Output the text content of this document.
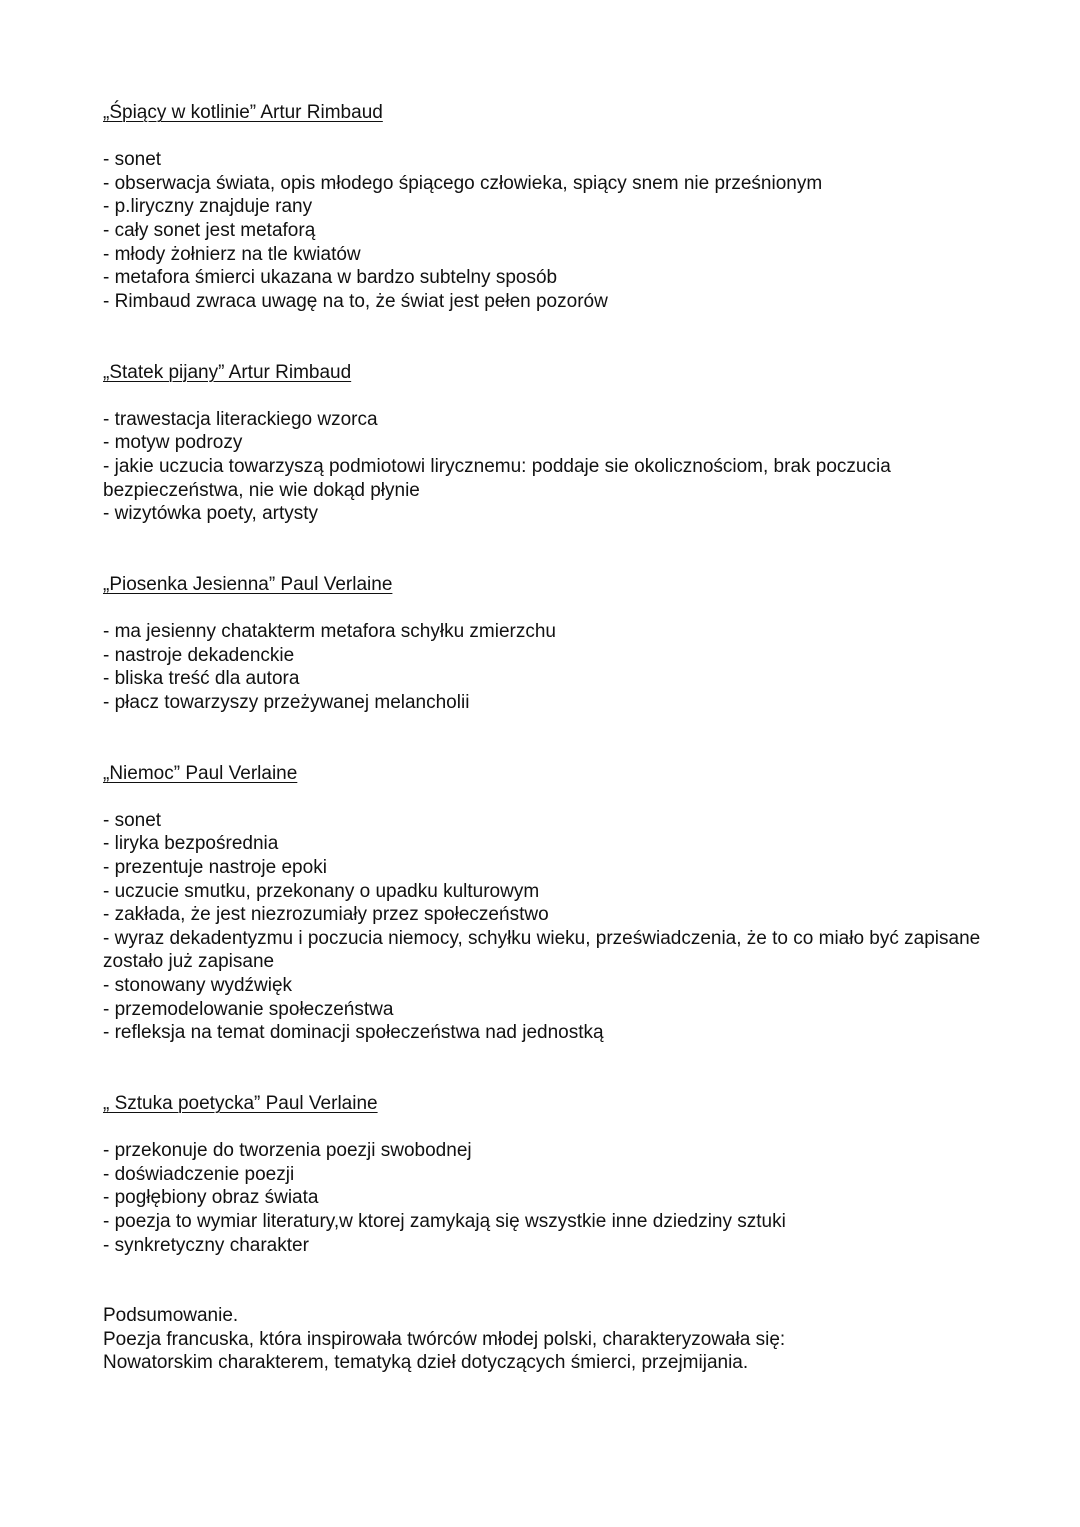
„Śpiący w kotlinie” Artur Rimbaud
- sonet
- obserwacja świata, opis młodego śpiącego człowieka, spiący snem nie prześnionym
- p.liryczny znajduje rany
- cały sonet jest metaforą
- młody żołnierz na tle kwiatów
- metafora śmierci ukazana w bardzo subtelny sposób
- Rimbaud zwraca uwagę na to, że świat jest pełen pozorów
„Statek pijany” Artur Rimbaud
- trawestacja literackiego wzorca
- motyw podrozy
- jakie uczucia towarzyszą podmiotowi lirycznemu: poddaje sie okolicznościom, brak poczucia bezpieczeństwa, nie wie dokąd płynie
- wizytówka poety, artysty
„Piosenka Jesienna” Paul Verlaine
- ma jesienny chatakterm metafora schyłku zmierzchu
- nastroje dekadenckie
- bliska treść dla autora
- płacz towarzyszy przeżywanej melancholii
„Niemoc” Paul Verlaine
- sonet
- liryka bezpośrednia
- prezentuje nastroje epoki
- uczucie smutku, przekonany o upadku kulturowym
- zakłada, że jest niezrozumiały przez społeczeństwo
- wyraz dekadentyzmu i poczucia niemocy, schyłku wieku, przeświadczenia, że to co miało być zapisane zostało już zapisane
- stonowany wydźwięk
- przemodelowanie społeczeństwa
- refleksja na temat dominacji społeczeństwa nad jednostką
„ Sztuka poetycka” Paul Verlaine
- przekonuje do tworzenia poezji swobodnej
- doświadczenie poezji
- pogłębiony obraz świata
- poezja to wymiar literatury,w ktorej zamykają się wszystkie inne dziedziny sztuki
- synkretyczny charakter

Podsumowanie.

Poezja francuska, która inspirowała twórców młodej polski, charakteryzowała się:

Nowatorskim charakterem, tematyką dzieł dotyczących śmierci, przejmijania.
